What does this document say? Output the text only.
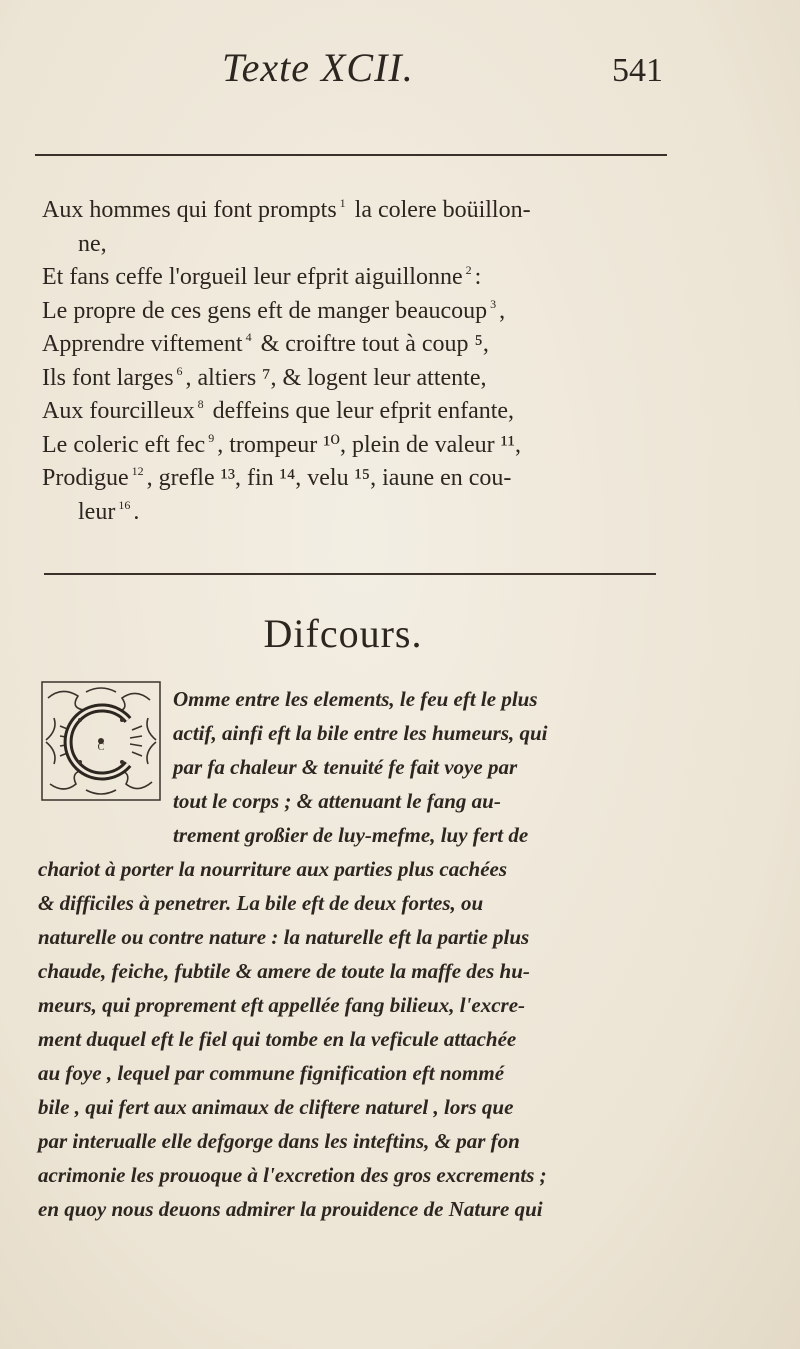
Texte XCII.	541
Aux hommes qui font prompts $^1$ la colere boüillon-
ne,
Et fans ceffe l'orgueil leur efprit aiguillonne $^2$ :
Le propre de ces gens eft de manger beaucoup $^3$ ,
Apprendre viftement $^4$ & croiftre tout à coup ⁵,
Ils font larges $^6$ , altiers ⁷, & logent leur attente,
Aux fourcilleux $^8$ deffeins que leur efprit enfante,
Le coleric eft fec $^9$ , trompeur ¹⁰, plein de valeur ¹¹,
Prodigue $^{12}$ , grefle ¹³, fin ¹⁴, velu ¹⁵, iaune en cou-
leur $^{16}$ .
Difcours.
C
Omme entre les elements, le feu eft le plus
actif, ainfi eft la bile entre les humeurs, qui
par fa chaleur & tenuité fe fait voye par
tout le corps ; & attenuant le fang au-
trement großier de luy-mefme, luy fert de
chariot à porter la nourriture aux parties plus cachées
& difficiles à penetrer. La bile eft de deux fortes, ou
naturelle ou contre nature : la naturelle eft la partie plus
chaude, feiche, fubtile & amere de toute la maffe des hu-
meurs, qui proprement eft appellée fang bilieux, l'excre-
ment duquel eft le fiel qui tombe en la veficule attachée
au foye , lequel par commune fignification eft nommé
bile , qui fert aux animaux de cliftere naturel , lors que
par interualle elle defgorge dans les inteftins, & par fon
acrimonie les prouoque à l'excretion des gros excrements ;
en quoy nous deuons admirer la prouidence de Nature qui
